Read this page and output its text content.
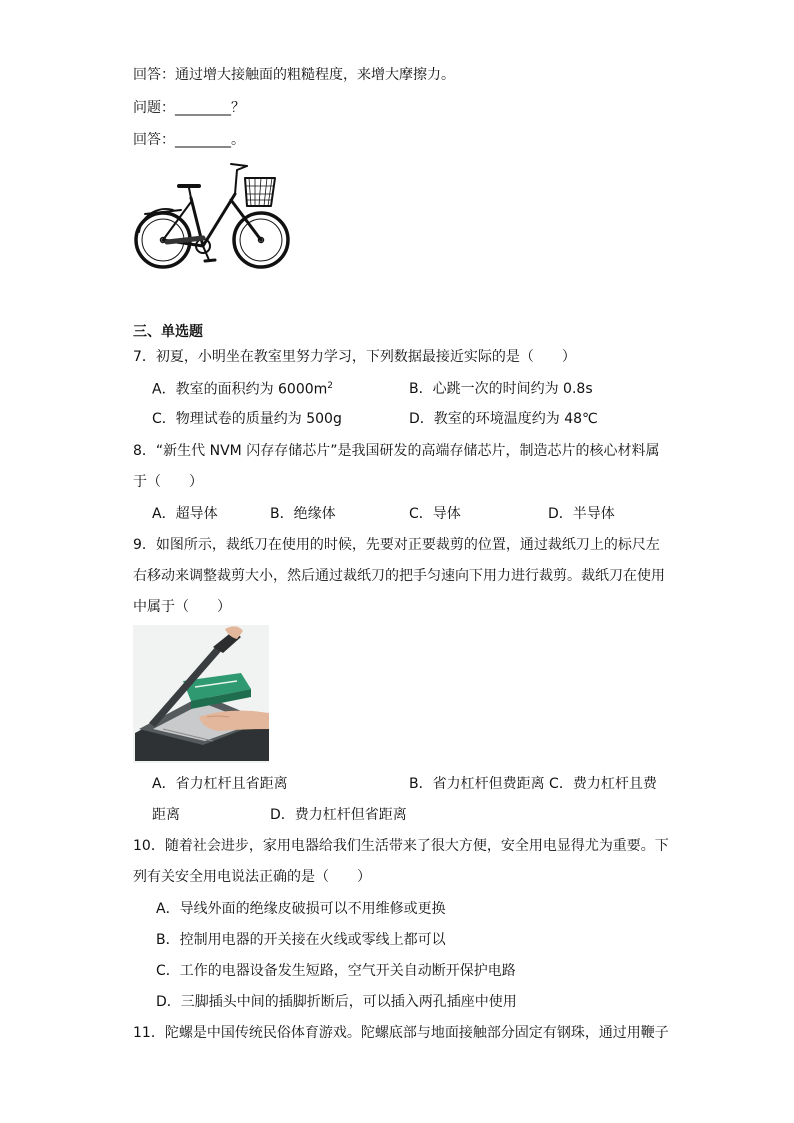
回答：通过增大接触面的粗糙程度，来增大摩擦力。
问题：________？
回答：________。
三、单选题
7．初夏，小明坐在教室里努力学习，下列数据最接近实际的是（　　）
A．教室的面积约为 $6000m^2$	B．心跳一次的时间约为 0.8s
C．物理试卷的质量约为 500g	D．教室的环境温度约为 48℃
8．“新生代 NVM 闪存存储芯片”是我国研发的高端存储芯片，制造芯片的核心材料属
于（　　）
A．超导体	B．绝缘体	C．导体	D．半导体
9．如图所示，裁纸刀在使用的时候，先要对正要裁剪的位置，通过裁纸刀上的标尺左
右移动来调整裁剪大小，然后通过裁纸刀的把手匀速向下用力进行裁剪。裁纸刀在使用
中属于（　　）
A．省力杠杆且省距离	B．省力杠杆但费距离 C．费力杠杆且费
距离	D．费力杠杆但省距离
10．随着社会进步，家用电器给我们生活带来了很大方便，安全用电显得尤为重要。下
列有关安全用电说法正确的是（　　）
A．导线外面的绝缘皮破损可以不用维修或更换
B．控制用电器的开关接在火线或零线上都可以
C．工作的电器设备发生短路，空气开关自动断开保护电路
D．三脚插头中间的插脚折断后，可以插入两孔插座中使用
11．陀螺是中国传统民俗体育游戏。陀螺底部与地面接触部分固定有钢珠，通过用鞭子
